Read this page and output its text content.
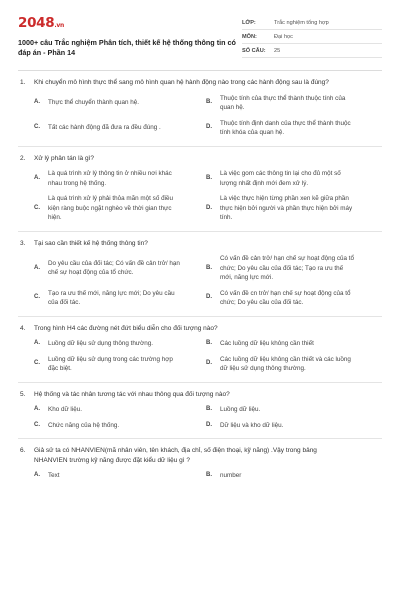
2048.vn
1000+ câu Trắc nghiệm Phân tích, thiết kế hệ thống thông tin có đáp án - Phần 14
LỚP:	Trắc nghiệm tổng hợp
MÔN:	Đại học
SỐ CÂU:	25
1.	Khi chuyển mô hình thực thể sang mô hình quan hệ hành động nào trong các hành động sau là đúng?
A.	Thực thể chuyển thành quan hệ.	B.
Thuộc tính của thực thể thành thuộc tính của quan hệ.
C.	Tất các hành động đã đưa ra đều đúng .	D.
Thuộc tính định danh của thực thể thành thuộc tính khóa của quan hệ.
2.	Xử lý phân tán là gì?
A.
Là quá trình xử lý thông tin ở nhiều nơi khác nhau trong hệ thống.
B.
Là việc gom các thông tin lại cho đủ một số lượng nhất định mới đem xử lý.
C.
Là quá trình xử lý phải thỏa mãn một số điều kiện ràng buộc ngặt nghèo về thời gian thực hiện.
D.
Là việc thực hiện từng phần xen kẽ giữa phần thực hiện bởi người và phần thực hiện bởi máy tính.
3.	Tại sao cần thiết kế hệ thống thông tin?
A.
Do yêu cầu của đối tác; Có vấn đề cản trở/ hạn chế sự hoạt động của tổ chức.
B.
Có vấn đề cản trở/ hạn chế sự hoạt động của tổ chức; Do yêu cầu của đối tác; Tạo ra ưu thế mới, năng lực mới.
C.
Tạo ra ưu thế mới, năng lực mới; Do yêu cầu của đối tác.
D.
Có vấn đề cn trở/ hạn chế sự hoạt động của tổ chức; Do yêu cầu của đối tác.
4.	Trong hình H4 các đường nét đứt biểu diễn cho đối tượng nào?
A.	Luồng dữ liệu sử dụng thông thường.	B.	Các luồng dữ liệu không cần thiết
C.
Luồng dữ liệu sử dụng trong các trường hợp đặc biệt.
D.
Các luồng dữ liệu không cần thiết và các luồng dữ liệu sử dụng thông thường.
5.	Hệ thống và tác nhân tương tác với nhau thông qua đối tượng nào?
A.	Kho dữ liệu.	B.	Luồng dữ liệu.
C.	Chức năng của hệ thống.	D.	Dữ liệu và kho dữ liệu.
6.	Giả sử ta có NHANVIEN(mã nhân viên, tên khách, địa chỉ, số điện thoại, kỹ năng) .Vậy trong bảng NHANVIEN trường kỹ năng được đặt kiểu dữ liệu gì ?
A.	Text	B.	number
